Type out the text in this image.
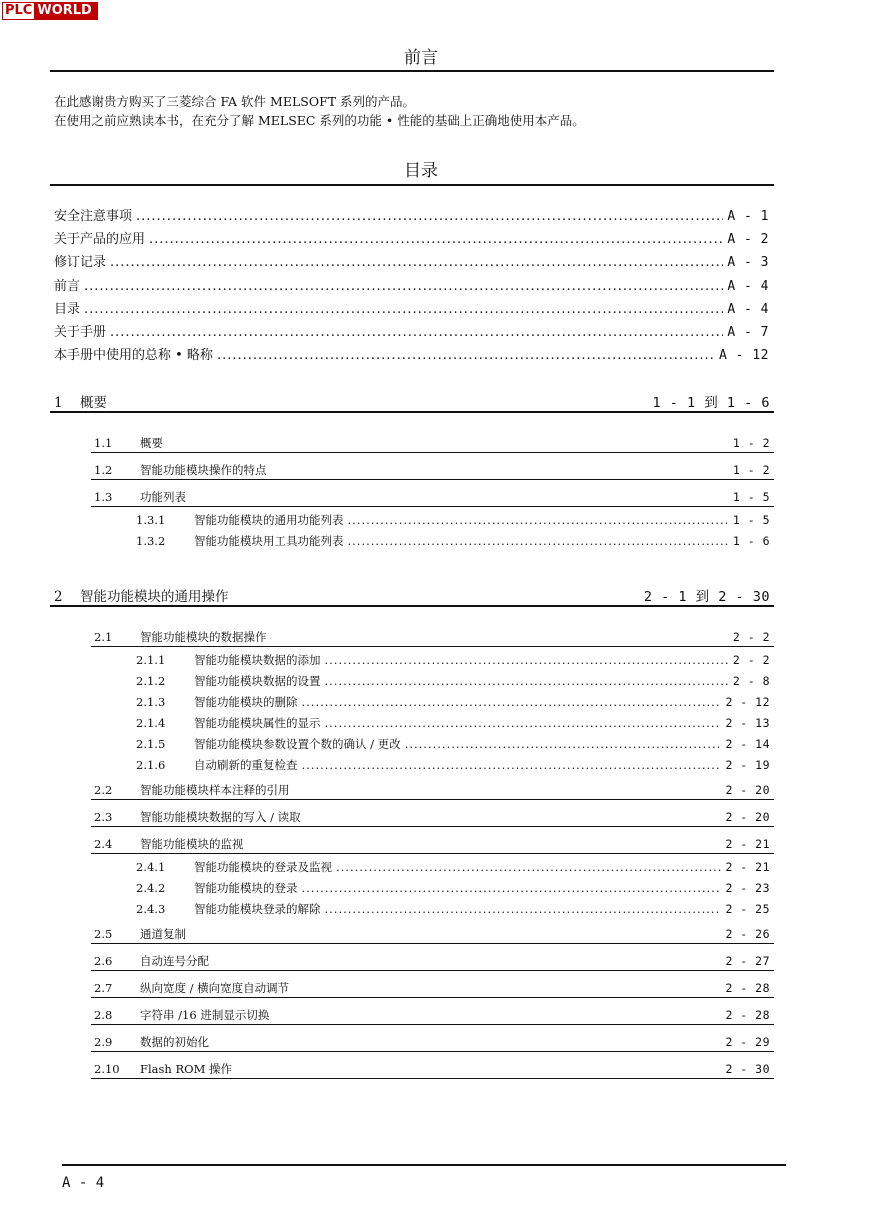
PLC WORLD
前言
在此感谢贵方购买了三菱综合 FA 软件 MELSOFT 系列的产品。
在使用之前应熟读本书，在充分了解 MELSEC 系列的功能 • 性能的基础上正确地使用本产品。
目录
安全注意事项 .....	A - 1
关于产品的应用 .....	A - 2
修订记录 .....	A - 3
前言 .....	A - 4
目录 .....	A - 4
关于手册 .....	A - 7
本手册中使用的总称 • 略称 .....	A - 12
1 概要	1 - 1 到 1 - 6
1.1 概要	1 - 2
1.2 智能功能模块操作的特点	1 - 2
1.3 功能列表	1 - 5
1.3.1	智能功能模块的通用功能列表 .....	1 - 5
1.3.2	智能功能模块用工具功能列表 .....	1 - 6
2 智能功能模块的通用操作	2 - 1 到 2 - 30
2.1 智能功能模块的数据操作	2 - 2
2.1.1	智能功能模块数据的添加 .....	2 - 2
2.1.2	智能功能模块数据的设置 .....	2 - 8
2.1.3	智能功能模块的删除 .....	2 - 12
2.1.4	智能功能模块属性的显示 .....	2 - 13
2.1.5	智能功能模块参数设置个数的确认 / 更改 .....	2 - 14
2.1.6	自动刷新的重复检查 .....	2 - 19
2.2 智能功能模块样本注释的引用	2 - 20
2.3 智能功能模块数据的写入 / 读取	2 - 20
2.4 智能功能模块的监视	2 - 21
2.4.1	智能功能模块的登录及监视 .....	2 - 21
2.4.2	智能功能模块的登录 .....	2 - 23
2.4.3	智能功能模块登录的解除 .....	2 - 25
2.5 通道复制	2 - 26
2.6 自动连号分配	2 - 27
2.7 纵向宽度 / 横向宽度自动调节	2 - 28
2.8 字符串 /16 进制显示切换	2 - 28
2.9 数据的初始化	2 - 29
2.10 Flash ROM 操作	2 - 30
A - 4
